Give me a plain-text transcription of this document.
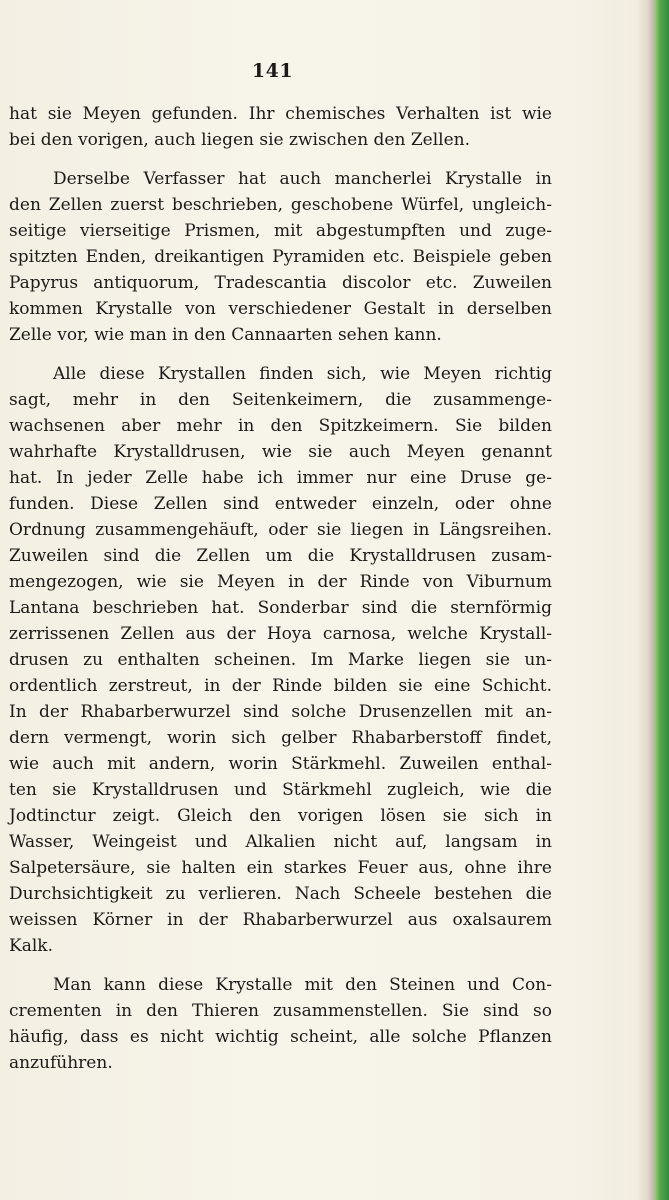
141
hat sie Meyen gefunden. Ihr chemisches Verhalten ist wie
bei den vorigen, auch liegen sie zwischen den Zellen.
Derselbe Verfasser hat auch mancherlei Krystalle in
den Zellen zuerst beschrieben, geschobene Würfel, ungleich-
seitige vierseitige Prismen, mit abgestumpften und zuge-
spitzten Enden, dreikantigen Pyramiden etc. Beispiele geben
Papyrus antiquorum, Tradescantia discolor etc. Zuweilen
kommen Krystalle von verschiedener Gestalt in derselben
Zelle vor, wie man in den Cannaarten sehen kann.
Alle diese Krystallen finden sich, wie Meyen richtig
sagt, mehr in den Seitenkeimern, die zusammenge-
wachsenen aber mehr in den Spitzkeimern. Sie bilden
wahrhafte Krystalldrusen, wie sie auch Meyen genannt
hat. In jeder Zelle habe ich immer nur eine Druse ge-
funden. Diese Zellen sind entweder einzeln, oder ohne
Ordnung zusammengehäuft, oder sie liegen in Längsreihen.
Zuweilen sind die Zellen um die Krystalldrusen zusam-
mengezogen, wie sie Meyen in der Rinde von Viburnum
Lantana beschrieben hat. Sonderbar sind die sternförmig
zerrissenen Zellen aus der Hoya carnosa, welche Krystall-
drusen zu enthalten scheinen. Im Marke liegen sie un-
ordentlich zerstreut, in der Rinde bilden sie eine Schicht.
In der Rhabarberwurzel sind solche Drusenzellen mit an-
dern vermengt, worin sich gelber Rhabarberstoff findet,
wie auch mit andern, worin Stärkmehl. Zuweilen enthal-
ten sie Krystalldrusen und Stärkmehl zugleich, wie die
Jodtinctur zeigt. Gleich den vorigen lösen sie sich in
Wasser, Weingeist und Alkalien nicht auf, langsam in
Salpetersäure, sie halten ein starkes Feuer aus, ohne ihre
Durchsichtigkeit zu verlieren. Nach Scheele bestehen die
weissen Körner in der Rhabarberwurzel aus oxalsaurem
Kalk.
Man kann diese Krystalle mit den Steinen und Con-
crementen in den Thieren zusammenstellen. Sie sind so
häufig, dass es nicht wichtig scheint, alle solche Pflanzen
anzuführen.
